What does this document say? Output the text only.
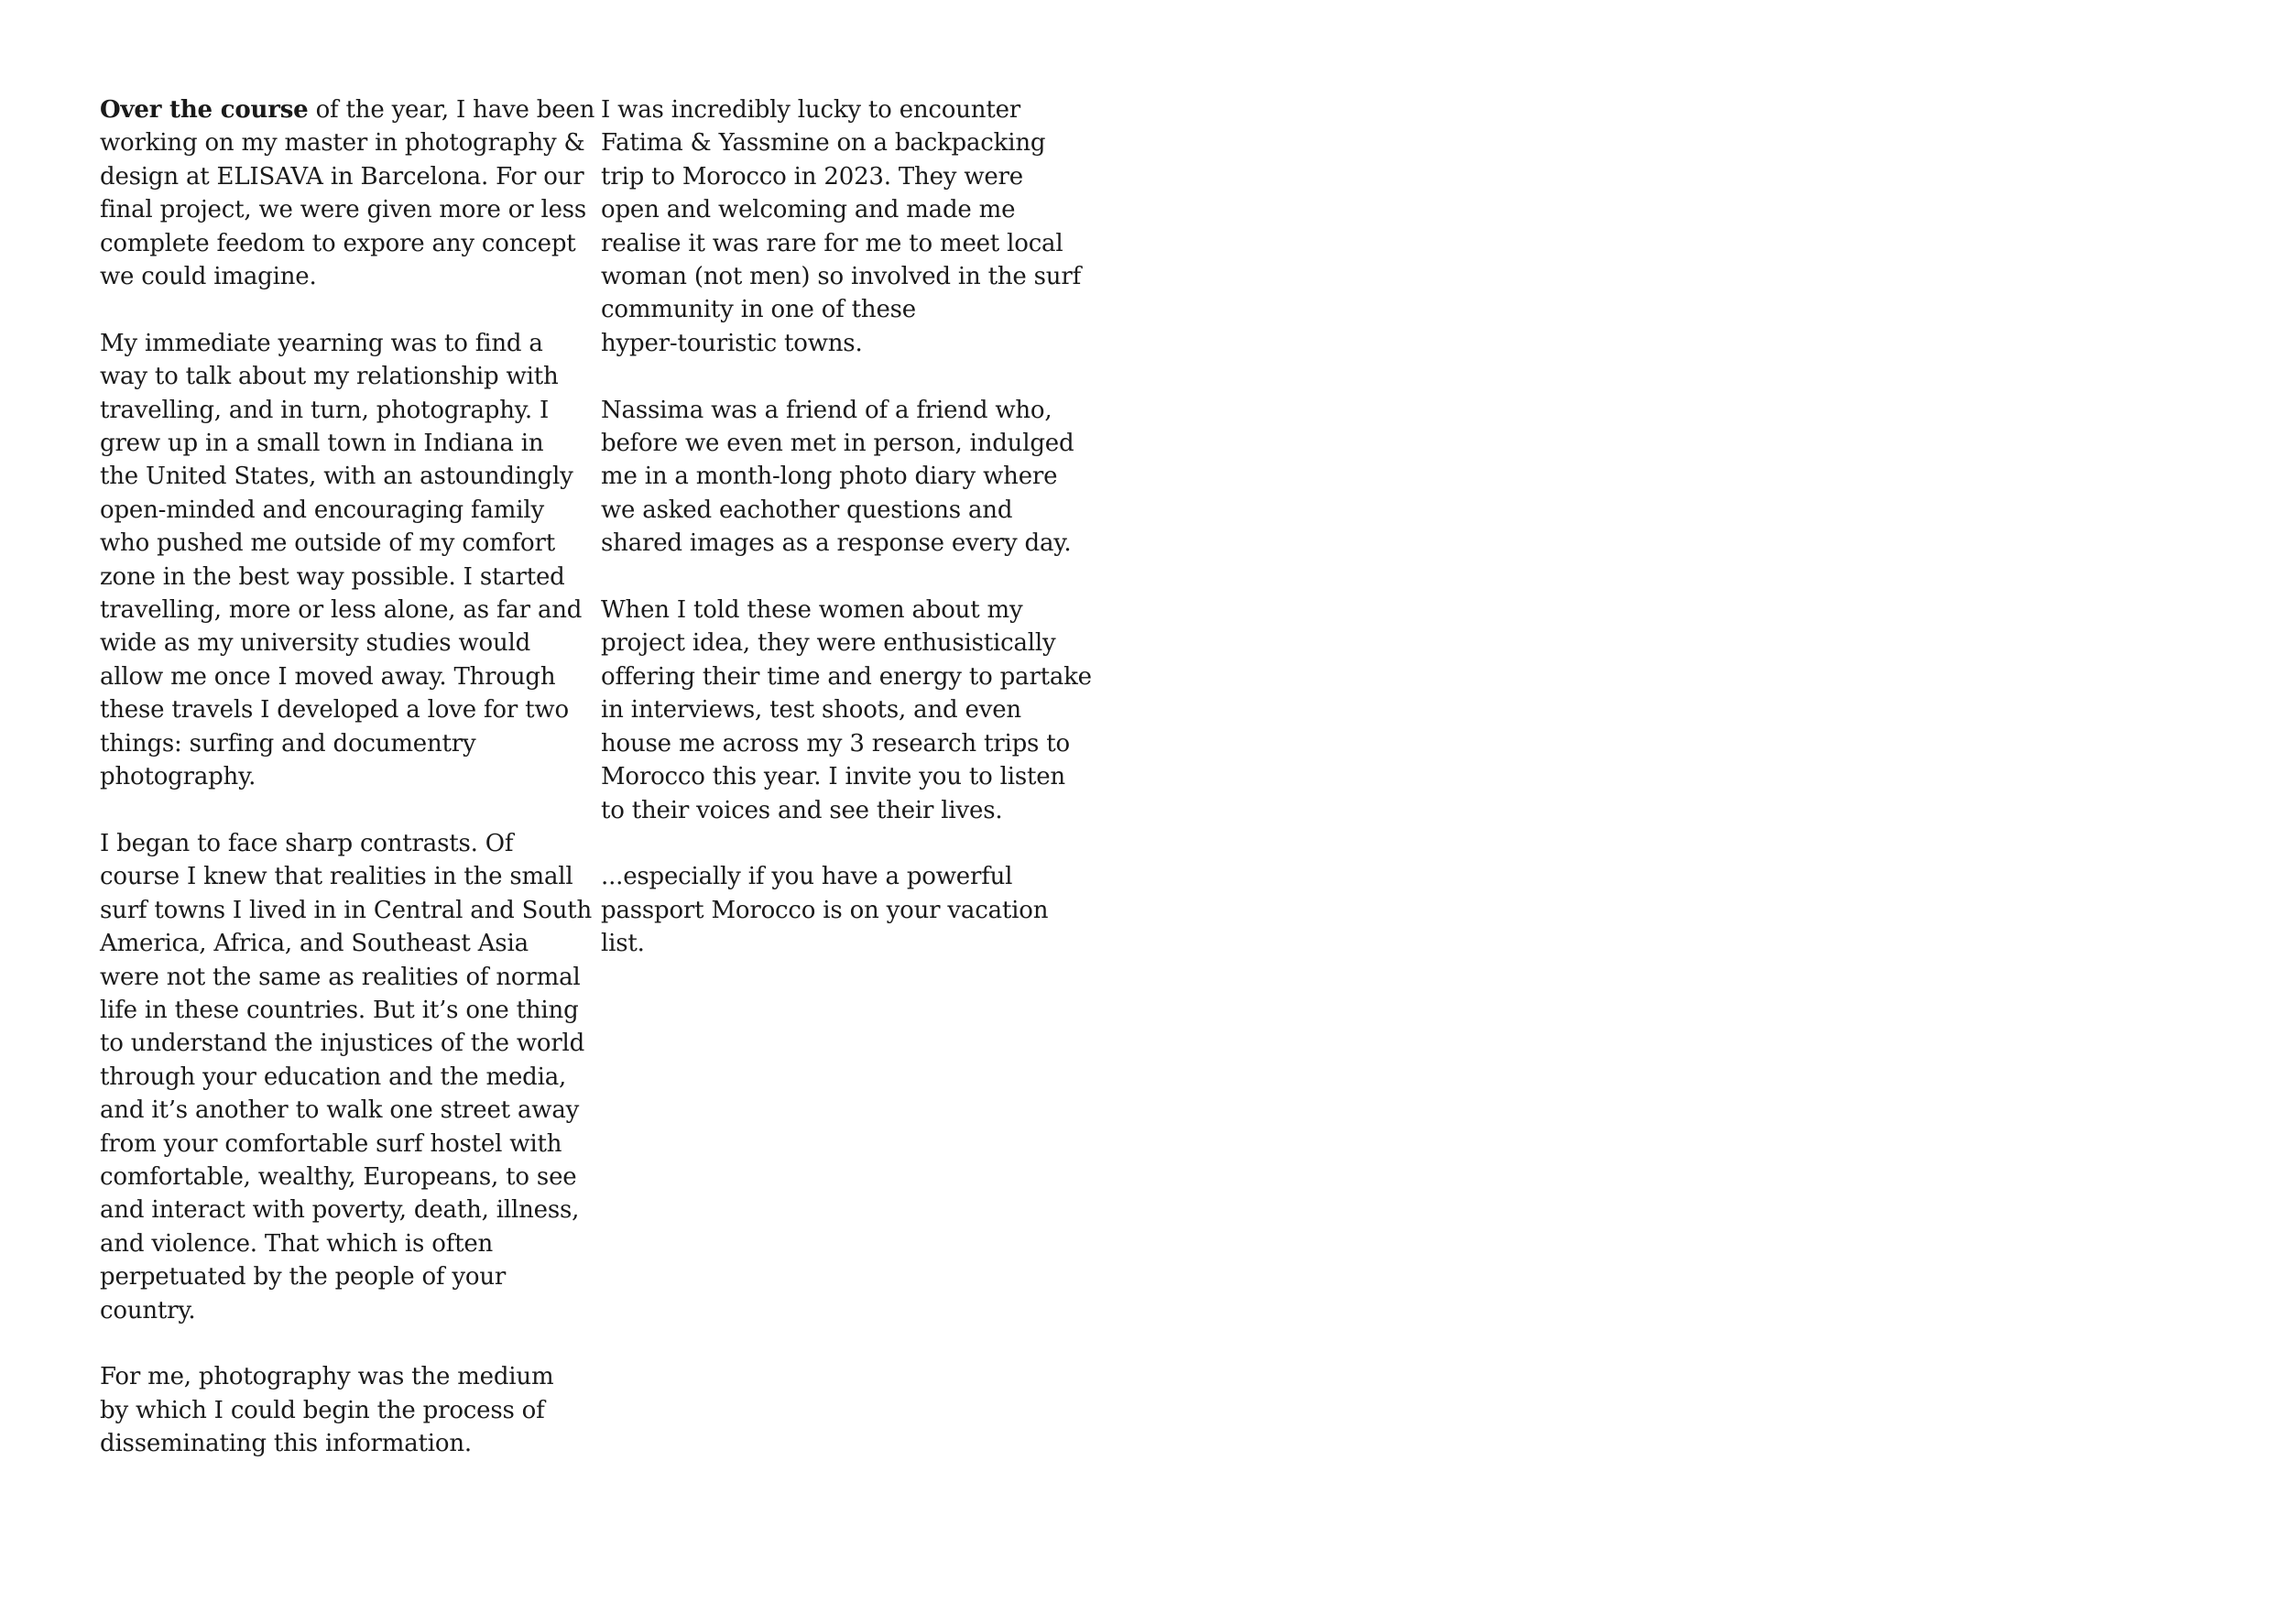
Over the course of the year, I have been
working on my master in photography &
design at ELISAVA in Barcelona. For our
final project, we were given more or less
complete feedom to expore any concept
we could imagine.

My immediate yearning was to find a
way to talk about my relationship with
travelling, and in turn, photography. I
grew up in a small town in Indiana in
the United States, with an astoundingly
open-minded and encouraging family
who pushed me outside of my comfort
zone in the best way possible. I started
travelling, more or less alone, as far and
wide as my university studies would
allow me once I moved away. Through
these travels I developed a love for two
things: surfing and documentry
photography.

I began to face sharp contrasts. Of
course I knew that realities in the small
surf towns I lived in in Central and South
America, Africa, and Southeast Asia
were not the same as realities of normal
life in these countries. But it’s one thing
to understand the injustices of the world
through your education and the media,
and it’s another to walk one street away
from your comfortable surf hostel with
comfortable, wealthy, Europeans, to see
and interact with poverty, death, illness,
and violence. That which is often
perpetuated by the people of your
country.

For me, photography was the medium
by which I could begin the process of
disseminating this information.

I was incredibly lucky to encounter
Fatima & Yassmine on a backpacking
trip to Morocco in 2023. They were
open and welcoming and made me
realise it was rare for me to meet local
woman (not men) so involved in the surf
community in one of these
hyper-touristic towns.

Nassima was a friend of a friend who,
before we even met in person, indulged
me in a month-long photo diary where
we asked eachother questions and
shared images as a response every day.

When I told these women about my
project idea, they were enthusistically
offering their time and energy to partake
in interviews, test shoots, and even
house me across my 3 research trips to
Morocco this year. I invite you to listen
to their voices and see their lives.

...especially if you have a powerful
passport Morocco is on your vacation
list.
